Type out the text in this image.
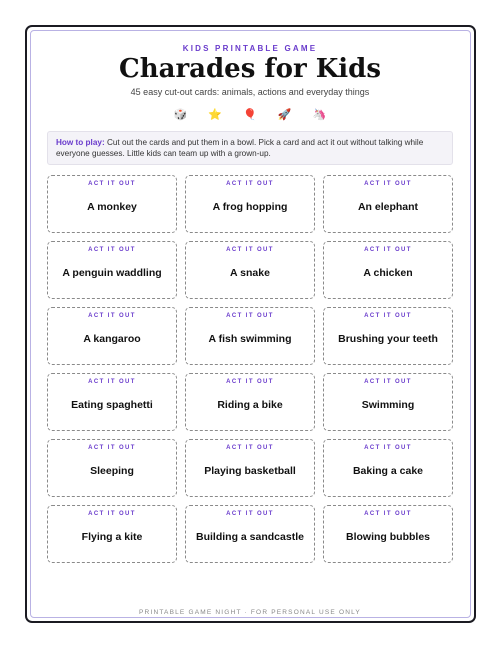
KIDS PRINTABLE GAME
Charades for Kids
45 easy cut-out cards: animals, actions and everyday things
🎲 ⭐ 🎈 🚀 🦄
How to play: Cut out the cards and put them in a bowl. Pick a card and act it out without talking while everyone guesses. Little kids can team up with a grown-up.
ACT IT OUT
A monkey
ACT IT OUT
A frog hopping
ACT IT OUT
An elephant
ACT IT OUT
A penguin waddling
ACT IT OUT
A snake
ACT IT OUT
A chicken
ACT IT OUT
A kangaroo
ACT IT OUT
A fish swimming
ACT IT OUT
Brushing your teeth
ACT IT OUT
Eating spaghetti
ACT IT OUT
Riding a bike
ACT IT OUT
Swimming
ACT IT OUT
Sleeping
ACT IT OUT
Playing basketball
ACT IT OUT
Baking a cake
ACT IT OUT
Flying a kite
ACT IT OUT
Building a sandcastle
ACT IT OUT
Blowing bubbles
PRINTABLE GAME NIGHT · FOR PERSONAL USE ONLY
